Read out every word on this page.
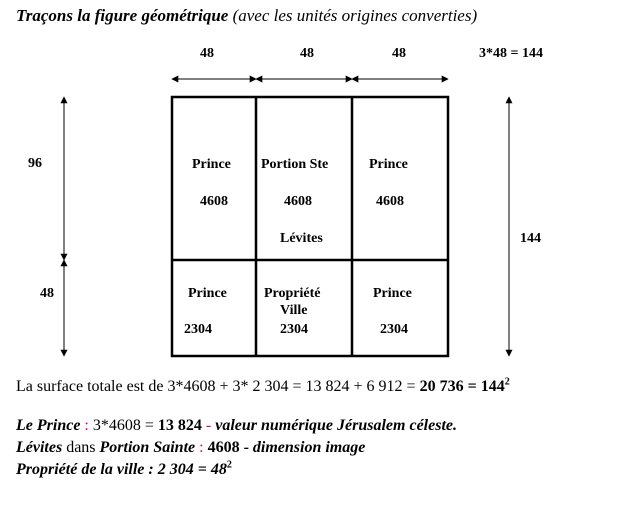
Traçons la figure géométrique (avec les unités origines converties)
48	48	48	3*48 = 144
96
48
144
Prince
4608
Portion Ste
4608
Lévites
Prince
4608
Prince
2304
Propriété
Ville
2304
Prince
2304
La surface totale est de 3*4608 + 3* 2 304 = 13 824 + 6 912 = 20 $736 = 144^2$
Le Prince : 3*4608 = 13 824 - valeur numérique Jérusalem céleste.
Lévites dans Portion Sainte : 4608 - dimension image
Propriété de la ville : 2 $304 = 48^2$
